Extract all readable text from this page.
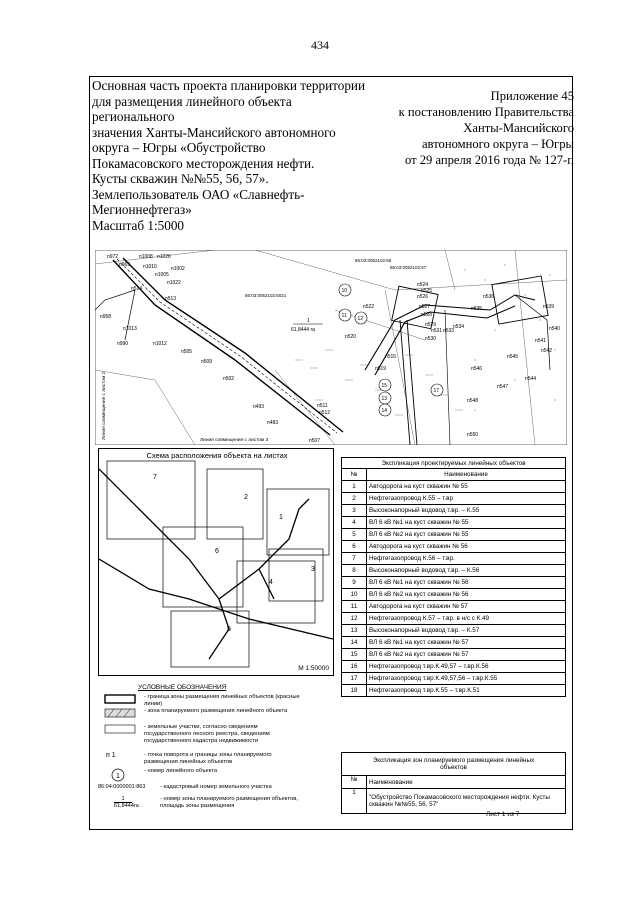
434
Основная часть проекта планировки территории
для размещения линейного объекта
регионального
значения Ханты-Мансийского автономного
округа – Югры «Обустройство
Покамасовского месторождения нефти.
Кусты скважин №№55, 56, 57».
Землепользователь ОАО «Славнефть-
Мегионнефтегаз»
Масштаб 1:5000
Приложение 45
к постановлению Правительства
Ханты-Мансийского
автономного округа – Югры
от 29 апреля 2016 года № 127-п
86:03:0052102:6021
86:03:0052102:65
86:03:0052102:67
1
61,8444 га
п972
п969
п1008 п1026
п1010	п1002
п1005
п1022
п514
п513
п958
п1013
п990	п1012
п505
п509
п502
п493
п483
п507
п511
п512
п515
п519
п520
п522
п524
п525
п526
п527
п528
п529
п530
п531 п533
п534
п535
п536
п539
п540
п541
п542
п544
п545
п546
п547
п548
п550
10
11 12
13
14
15
17
Линия совмещения с листом 2
Линия совмещения с листом 3
Схема расположения объекта на листах
1
2
3
4
5
6
7
М 1:50000
Экспликация проектируемых линейных объектов	
№	Наименование
1	Автодорога на куст скважин № 55
2	Нефтегазопровод К.55 – т.вр
3	Высоконапорный водовод т.вр. – К.55
4	ВЛ 6 кВ №1 на куст скважин № 55
5	ВЛ 6 кВ №2 на куст скважин № 55
6	Автодорога на куст скважин № 56
7	Нефтегазопровод К.56 – т.вр.
8	Высоконапорный водовод т.вр. – К.56
9	ВЛ 6 кВ №1 на куст скважин № 56
10	ВЛ 6 кВ №2 на куст скважин № 56
11	Автодорога на куст скважин № 57
12	Нефтегазопровод К.57 – т.вр. в н/с с К.49
13	Высоконапорный водовод т.вр. – К.57
14	ВЛ 6 кВ №1 на куст скважин № 57
15	ВЛ 6 кВ №2 на куст скважин № 57
16	Нефтегазопровод т.вр.К.49,57 – т.вр.К.56
17	Нефтегазопровод т.вр.К.49,57,56 – т.вр.К.55
18	Нефтегазопровод т.вр.К.55 – т.вр.К.51
Экспликация зон планируемого размещения линейных объектов	
№	Наименование
1	"Обустройство Покамасовского месторождения нефти. Кусты скважин №№55, 56, 57"
УСЛОВНЫЕ ОБОЗНАЧЕНИЯ
- граница зоны размещения линейных объектов (красные линии)
- зона планируемого размещения линейного объекта
- земельные участки, согласно сведениям государственного лесного реестра, сведениям государственного кадастра недвижимости
п 1	- точка поворота и границы зоны планируемого размещения линейных объектов
1
- номер линейного объекта
86:04:0000001:863	- кадастровый номер земельного участка
1
61,8444га
- номер зоны планируемого размещения объектов, площадь зоны размещения
Лист 1 из 7
